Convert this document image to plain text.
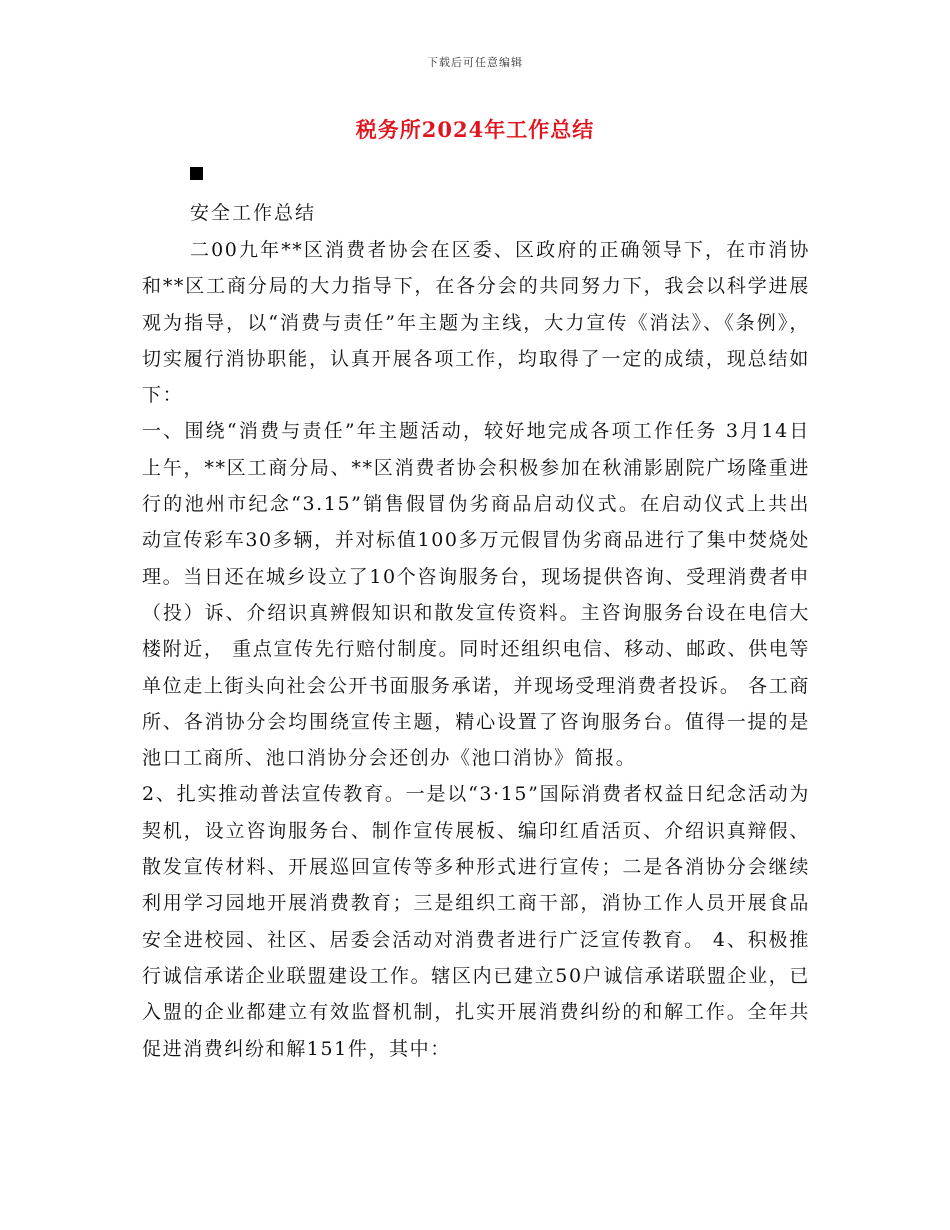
下载后可任意编辑
税务所2024年工作总结
安全工作总结

二00九年**区消费者协会在区委、区政府的正确领导下，在市消协和**区工商分局的大力指导下，在各分会的共同努力下，我会以科学进展观为指导，以“消费与责任”年主题为主线，大力宣传《消法》、《条例》，切实履行消协职能，认真开展各项工作，均取得了一定的成绩，现总结如下：

一、围绕“消费与责任”年主题活动，较好地完成各项工作任务 3月14日上午，**区工商分局、**区消费者协会积极参加在秋浦影剧院广场隆重进行的池州市纪念“3.15”销售假冒伪劣商品启动仪式。在启动仪式上共出动宣传彩车30多辆，并对标值100多万元假冒伪劣商品进行了集中焚烧处理。当日还在城乡设立了10个咨询服务台，现场提供咨询、受理消费者申（投）诉、介绍识真辨假知识和散发宣传资料。主咨询服务台设在电信大楼附近， 重点宣传先行赔付制度。同时还组织电信、移动、邮政、供电等单位走上街头向社会公开书面服务承诺，并现场受理消费者投诉。 各工商所、各消协分会均围绕宣传主题，精心设置了咨询服务台。值得一提的是池口工商所、池口消协分会还创办《池口消协》简报。

2、扎实推动普法宣传教育。一是以“3·15”国际消费者权益日纪念活动为契机，设立咨询服务台、制作宣传展板、编印红盾活页、介绍识真辩假、散发宣传材料、开展巡回宣传等多种形式进行宣传；二是各消协分会继续利用学习园地开展消费教育；三是组织工商干部，消协工作人员开展食品安全进校园、社区、居委会活动对消费者进行广泛宣传教育。 4、积极推行诚信承诺企业联盟建设工作。辖区内已建立50户诚信承诺联盟企业，已入盟的企业都建立有效监督机制，扎实开展消费纠纷的和解工作。全年共促进消费纠纷和解151件，其中：
